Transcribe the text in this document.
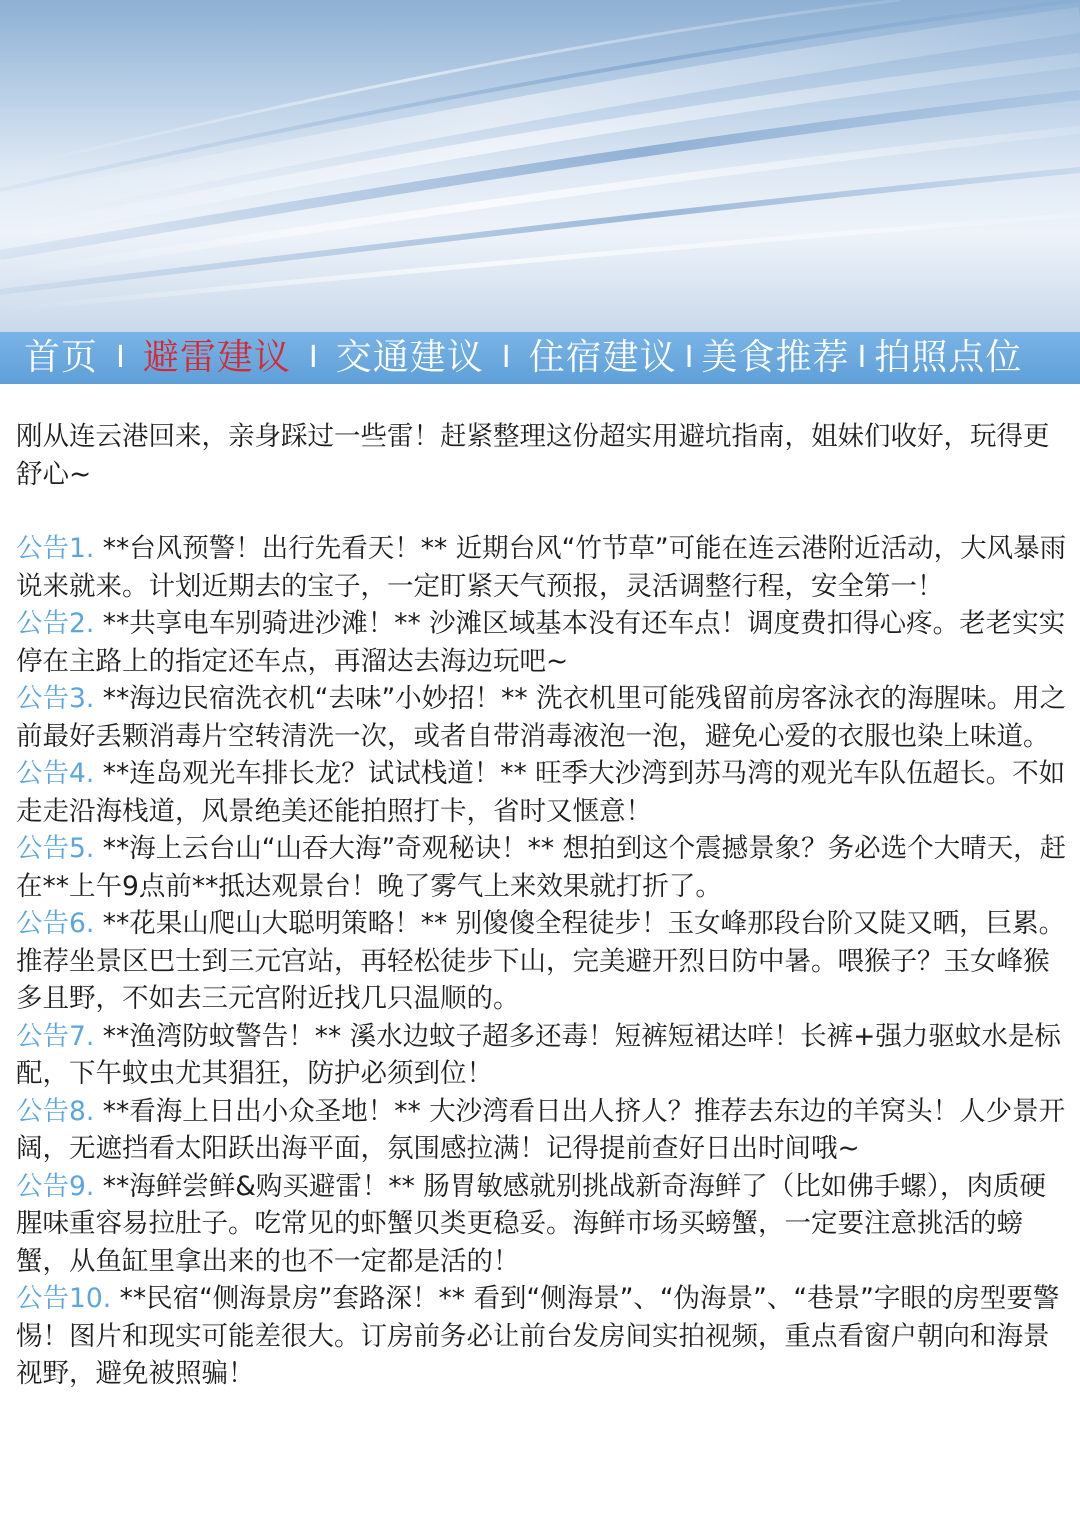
首页 I 避雷建议 I 交通建议 I 住宿建议 I 美食推荐 I 拍照点位

刚从连云港回来，亲身踩过一些雷！赶紧整理这份超实用避坑指南，姐妹们收好，玩得更舒心~

公告1. **台风预警！出行先看天！** 近期台风“竹节草”可能在连云港附近活动，大风暴雨说来就来。计划近期去的宝子，一定盯紧天气预报，灵活调整行程，安全第一！

公告2. **共享电车别骑进沙滩！** 沙滩区域基本没有还车点！调度费扣得心疼。老老实实停在主路上的指定还车点，再溜达去海边玩吧~

公告3. **海边民宿洗衣机“去味”小妙招！** 洗衣机里可能残留前房客泳衣的海腥味。用之前最好丢颗消毒片空转清洗一次，或者自带消毒液泡一泡，避免心爱的衣服也染上味道。

公告4. **连岛观光车排长龙？试试栈道！** 旺季大沙湾到苏马湾的观光车队伍超长。不如走走沿海栈道，风景绝美还能拍照打卡，省时又惬意！

公告5. **海上云台山“山吞大海”奇观秘诀！** 想拍到这个震撼景象？务必选个大晴天，赶在**上午9点前**抵达观景台！晚了雾气上来效果就打折了。

公告6. **花果山爬山大聪明策略！** 别傻傻全程徒步！玉女峰那段台阶又陡又晒，巨累。推荐坐景区巴士到三元宫站，再轻松徒步下山，完美避开烈日防中暑。喂猴子？玉女峰猴多且野，不如去三元宫附近找几只温顺的。

公告7. **渔湾防蚊警告！** 溪水边蚊子超多还毒！短裤短裙达咩！长裤+强力驱蚊水是标配，下午蚊虫尤其猖狂，防护必须到位！

公告8. **看海上日出小众圣地！** 大沙湾看日出人挤人？推荐去东边的羊窝头！人少景开阔，无遮挡看太阳跃出海平面，氛围感拉满！记得提前查好日出时间哦~

公告9. **海鲜尝鲜&购买避雷！** 肠胃敏感就别挑战新奇海鲜了（比如佛手螺），肉质硬腥味重容易拉肚子。吃常见的虾蟹贝类更稳妥。海鲜市场买螃蟹，一定要注意挑活的螃蟹，从鱼缸里拿出来的也不一定都是活的！

公告10. **民宿“侧海景房”套路深！** 看到“侧海景”、“伪海景”、“巷景”字眼的房型要警惕！图片和现实可能差很大。订房前务必让前台发房间实拍视频，重点看窗户朝向和海景视野，避免被照骗！
